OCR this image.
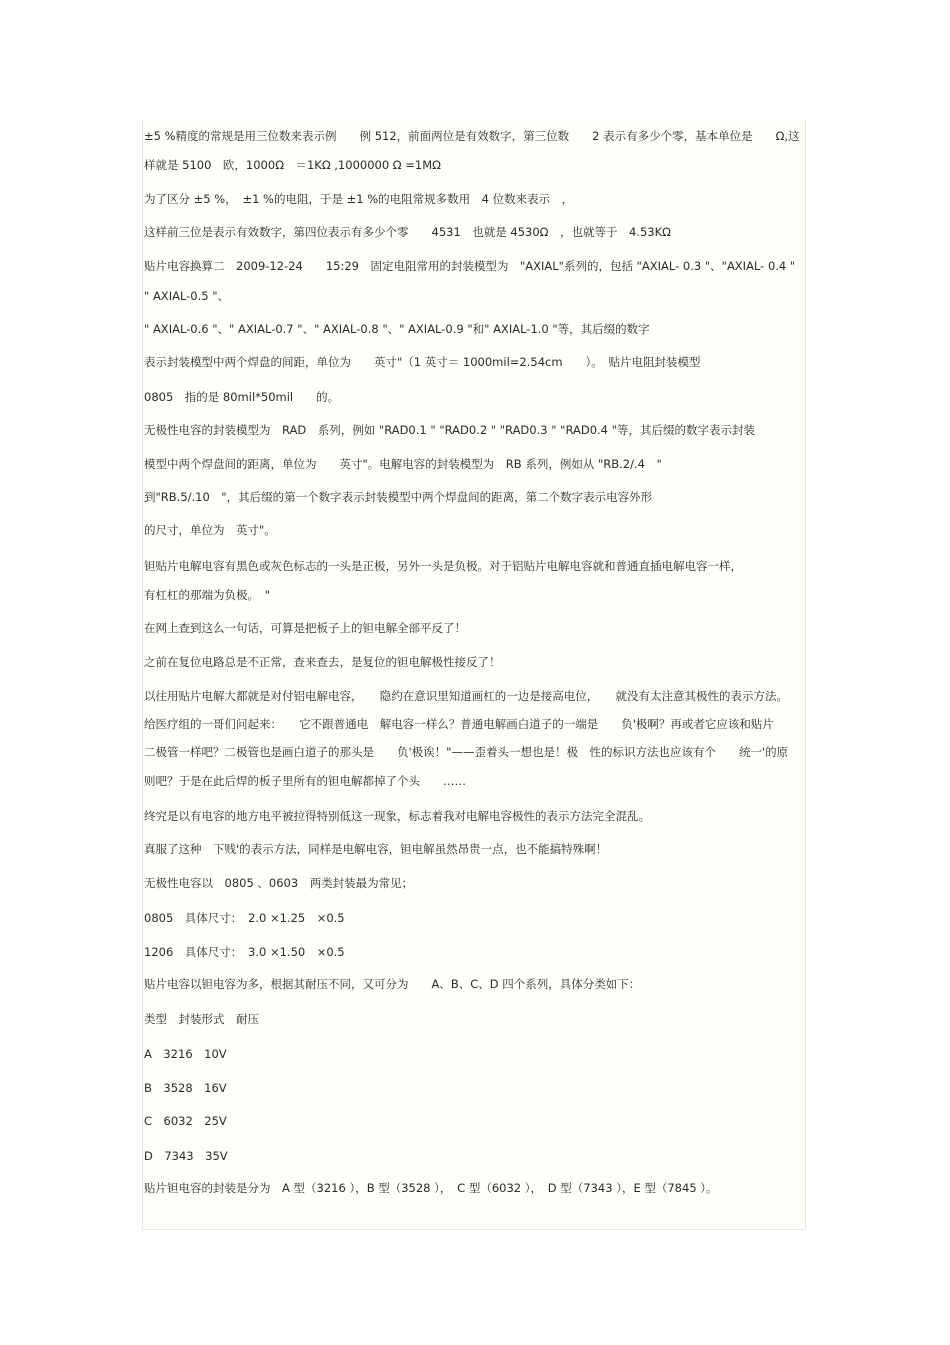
±5 %精度的常规是用三位数来表示例　　例 512，前面两位是有效数字，第三位数　　2 表示有多少个零，基本单位是　　Ω,这
样就是 5100　欧，1000Ω　＝1KΩ ,1000000 Ω =1MΩ
为了区分 ±5 %，　±1 %的电阻，于是 ±1 %的电阻常规多数用　4 位数来表示　，
这样前三位是表示有效数字，第四位表示有多少个零　　4531　也就是 4530Ω　，也就等于　4.53KΩ
贴片电容换算二　2009-12-24　　15:29　固定电阻常用的封装模型为　"AXIAL"系列的，包括 "AXIAL- 0.3 "、"AXIAL- 0.4 "
" AXIAL-0.5 "、
" AXIAL-0.6 "、" AXIAL-0.7 "、" AXIAL-0.8 "、" AXIAL-0.9 "和" AXIAL-1.0 "等，其后缀的数字
表示封装模型中两个焊盘的间距，单位为　　英寸"（1 英寸＝ 1000mil=2.54cm　　）。　贴片电阻封装模型
0805　指的是 80mil*50mil　　的。
无极性电容的封装模型为　RAD　系列，例如 "RAD0.1 " "RAD0.2 " "RAD0.3 " "RAD0.4 "等，其后缀的数字表示封装
模型中两个焊盘间的距离，单位为　　英寸"。电解电容的封装模型为　RB 系列，例如从 "RB.2/.4　"
到"RB.5/.10　"，其后缀的第一个数字表示封装模型中两个焊盘间的距离，第二个数字表示电容外形
的尺寸，单位为　英寸"。
钽贴片电解电容有黑色或灰色标志的一头是正极，另外一头是负极。对于铝贴片电解电容就和普通直插电解电容一样，
有杠杠的那端为负极。　"
在网上查到这么一句话，可算是把板子上的钽电解全部平反了！
之前在复位电路总是不正常，查来查去，是复位的钽电解极性接反了！
以往用贴片电解大都就是对付铝电解电容，　　隐约在意识里知道画杠的一边是接高电位，　　就没有太注意其极性的表示方法。
给医疗组的一哥们问起来：　　它不跟普通电　解电容一样么？普通电解画白道子的一端是　　负'极啊？再或者它应该和贴片
二极管一样吧？二极管也是画白道子的那头是　　负'极诶！"——歪着头一想也是！极　性的标识方法也应该有个　　统一'的原
则吧？于是在此后焊的板子里所有的钽电解都掉了个头　　……
终究是以有电容的地方电平被拉得特别低这一现象，标志着我对电解电容极性的表示方法完全混乱。
真服了这种　下贱'的表示方法，同样是电解电容，钽电解虽然昂贵一点，也不能搞特殊啊！
无极性电容以　0805 、0603　两类封装最为常见；
0805　具体尺寸：　2.0 ×1.25　×0.5
1206　具体尺寸：　3.0 ×1.50　×0.5
贴片电容以钽电容为多，根据其耐压不同，又可分为　　A、B、C、D 四个系列，具体分类如下：
类型　封装形式　耐压
A　3216　10V
B　3528　16V
C　6032　25V
D　7343　35V
贴片钽电容的封装是分为　A 型（3216 ），B 型（3528 ），　C 型（6032 ），　D 型（7343 ），E 型（7845 ）。
